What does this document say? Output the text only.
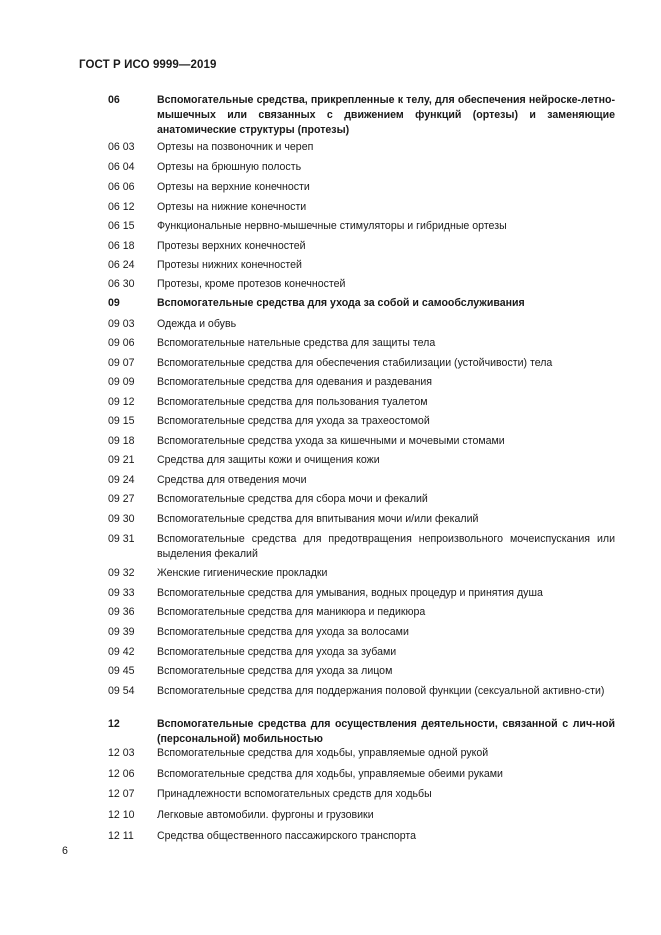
ГОСТ Р ИСО 9999—2019
06	Вспомогательные средства, прикрепленные к телу, для обеспечения нейроске-летно-мышечных или связанных с движением функций (ортезы) и заменяющие анатомические структуры (протезы)
06 03 Ортезы на позвоночник и череп
06 04 Ортезы на брюшную полость
06 06 Ортезы на верхние конечности
06 12 Ортезы на нижние конечности
06 15 Функциональные нервно-мышечные стимуляторы и гибридные ортезы
06 18 Протезы верхних конечностей
06 24 Протезы нижних конечностей
06 30 Протезы, кроме протезов конечностей
09	Вспомогательные средства для ухода за собой и самообслуживания
09 03 Одежда и обувь
09 06 Вспомогательные нательные средства для защиты тела
09 07 Вспомогательные средства для обеспечения стабилизации (устойчивости) тела
09 09 Вспомогательные средства для одевания и раздевания
09 12 Вспомогательные средства для пользования туалетом
09 15 Вспомогательные средства для ухода за трахеостомой
09 18 Вспомогательные средства ухода за кишечными и мочевыми стомами
09 21 Средства для защиты кожи и очищения кожи
09 24 Средства для отведения мочи
09 27 Вспомогательные средства для сбора мочи и фекалий
09 30 Вспомогательные средства для впитывания мочи и/или фекалий
09 31 Вспомогательные средства для предотвращения непроизвольного мочеиспускания или выделения фекалий
09 32 Женские гигиенические прокладки
09 33 Вспомогательные средства для умывания, водных процедур и принятия душа
09 36 Вспомогательные средства для маникюра и педикюра
09 39 Вспомогательные средства для ухода за волосами
09 42 Вспомогательные средства для ухода за зубами
09 45 Вспомогательные средства для ухода за лицом
09 54 Вспомогательные средства для поддержания половой функции (сексуальной активно-сти)
12	Вспомогательные средства для осуществления деятельности, связанной с лич-ной (персональной) мобильностью
12 03 Вспомогательные средства для ходьбы, управляемые одной рукой
12 06 Вспомогательные средства для ходьбы, управляемые обеими руками
12 07 Принадлежности вспомогательных средств для ходьбы
12 10 Легковые автомобили. фургоны и грузовики
12 11 Средства общественного пассажирского транспорта
6
